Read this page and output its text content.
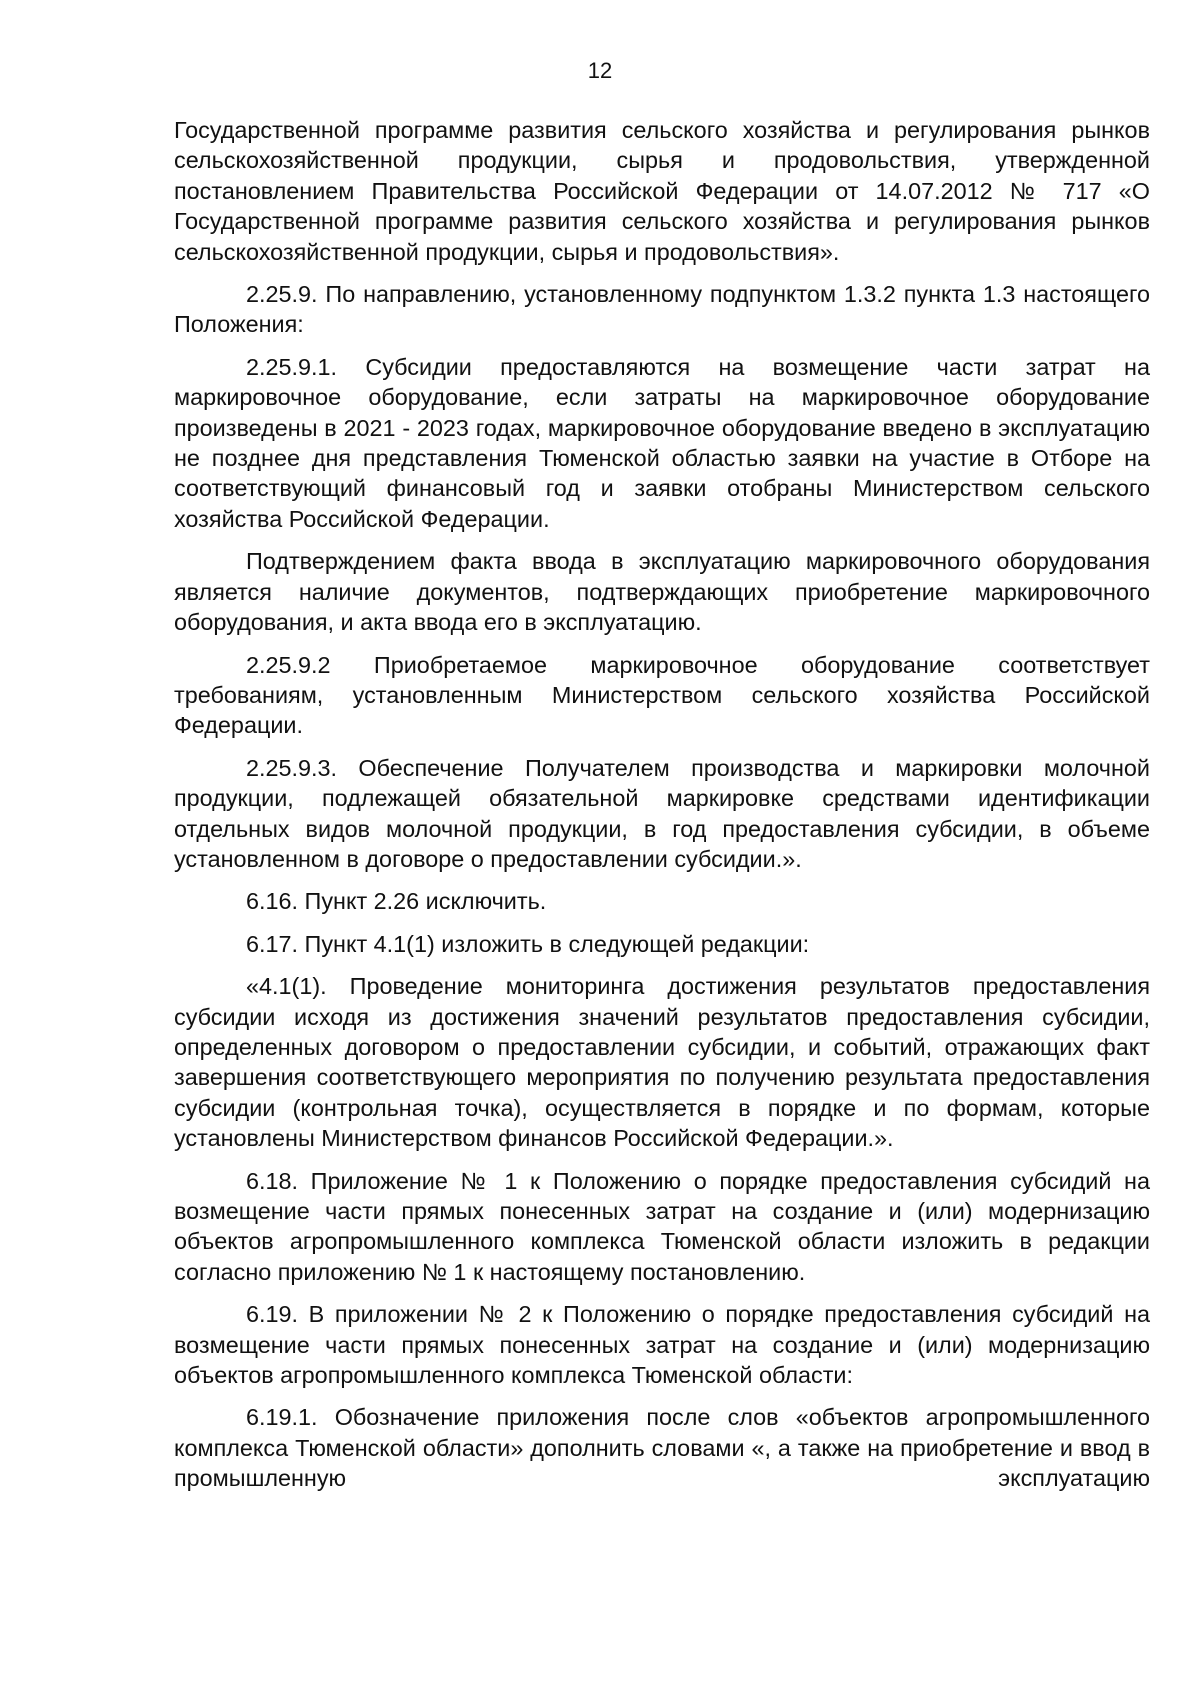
12

Государственной программе развития сельского хозяйства и регулирования рынков сельскохозяйственной продукции, сырья и продовольствия, утвержденной постановлением Правительства Российской Федерации от 14.07.2012 № 717 «О Государственной программе развития сельского хозяйства и регулирования рынков сельскохозяйственной продукции, сырья и продовольствия».

2.25.9. По направлению, установленному подпунктом 1.3.2 пункта 1.3 настоящего Положения:

2.25.9.1. Субсидии предоставляются на возмещение части затрат на маркировочное оборудование, если затраты на маркировочное оборудование произведены в 2021 - 2023 годах, маркировочное оборудование введено в эксплуатацию не позднее дня представления Тюменской областью заявки на участие в Отборе на соответствующий финансовый год и заявки отобраны Министерством сельского хозяйства Российской Федерации.

Подтверждением факта ввода в эксплуатацию маркировочного оборудования является наличие документов, подтверждающих приобретение маркировочного оборудования, и акта ввода его в эксплуатацию.

2.25.9.2 Приобретаемое маркировочное оборудование соответствует требованиям, установленным Министерством сельского хозяйства Российской Федерации.

2.25.9.3. Обеспечение Получателем производства и маркировки молочной продукции, подлежащей обязательной маркировке средствами идентификации отдельных видов молочной продукции, в год предоставления субсидии, в объеме установленном в договоре о предоставлении субсидии.».

6.16. Пункт 2.26 исключить.

6.17. Пункт 4.1(1) изложить в следующей редакции:

«4.1(1). Проведение мониторинга достижения результатов предоставления субсидии исходя из достижения значений результатов предоставления субсидии, определенных договором о предоставлении субсидии, и событий, отражающих факт завершения соответствующего мероприятия по получению результата предоставления субсидии (контрольная точка), осуществляется в порядке и по формам, которые установлены Министерством финансов Российской Федерации.».

6.18. Приложение № 1 к Положению о порядке предоставления субсидий на возмещение части прямых понесенных затрат на создание и (или) модернизацию объектов агропромышленного комплекса Тюменской области изложить в редакции согласно приложению № 1 к настоящему постановлению.

6.19. В приложении № 2 к Положению о порядке предоставления субсидий на возмещение части прямых понесенных затрат на создание и (или) модернизацию объектов агропромышленного комплекса Тюменской области:

6.19.1. Обозначение приложения после слов «объектов агропромышленного комплекса Тюменской области» дополнить словами «, а также на приобретение и ввод в промышленную эксплуатацию
